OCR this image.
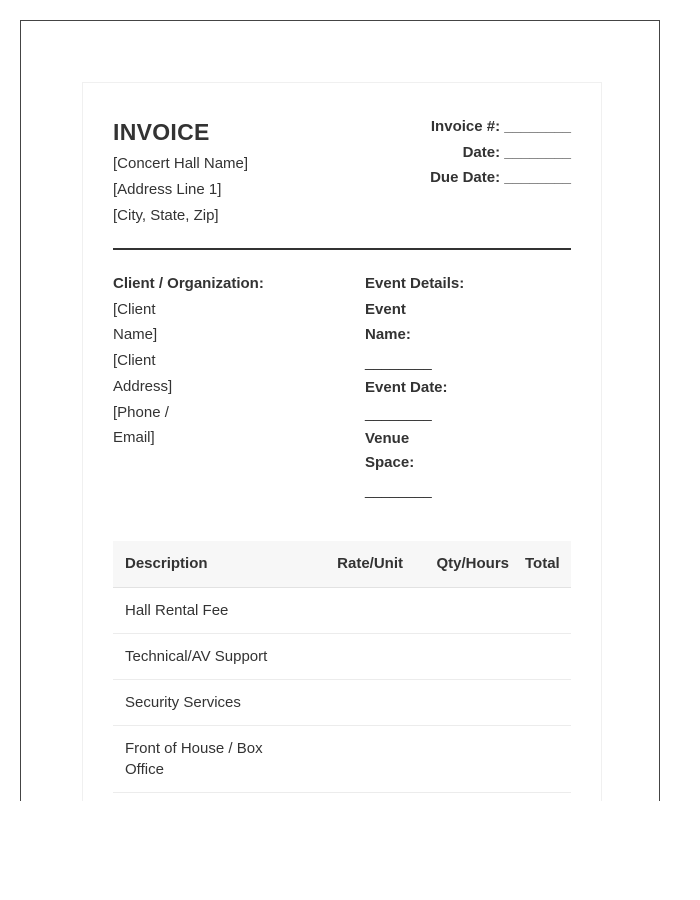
INVOICE
[Concert Hall Name]
[Address Line 1]
[City, State, Zip]
Invoice #: ________
Date: ________
Due Date: ________
Client / Organization:
[Client
Name]
[Client
Address]
[Phone /
Email]
Event Details:
Event
Name:
________
Event Date:
________
Venue
Space:
________
Description	Rate/Unit	Qty/Hours	Total
Hall Rental Fee			
Technical/AV Support			
Security Services			
Front of House / Box Office			
